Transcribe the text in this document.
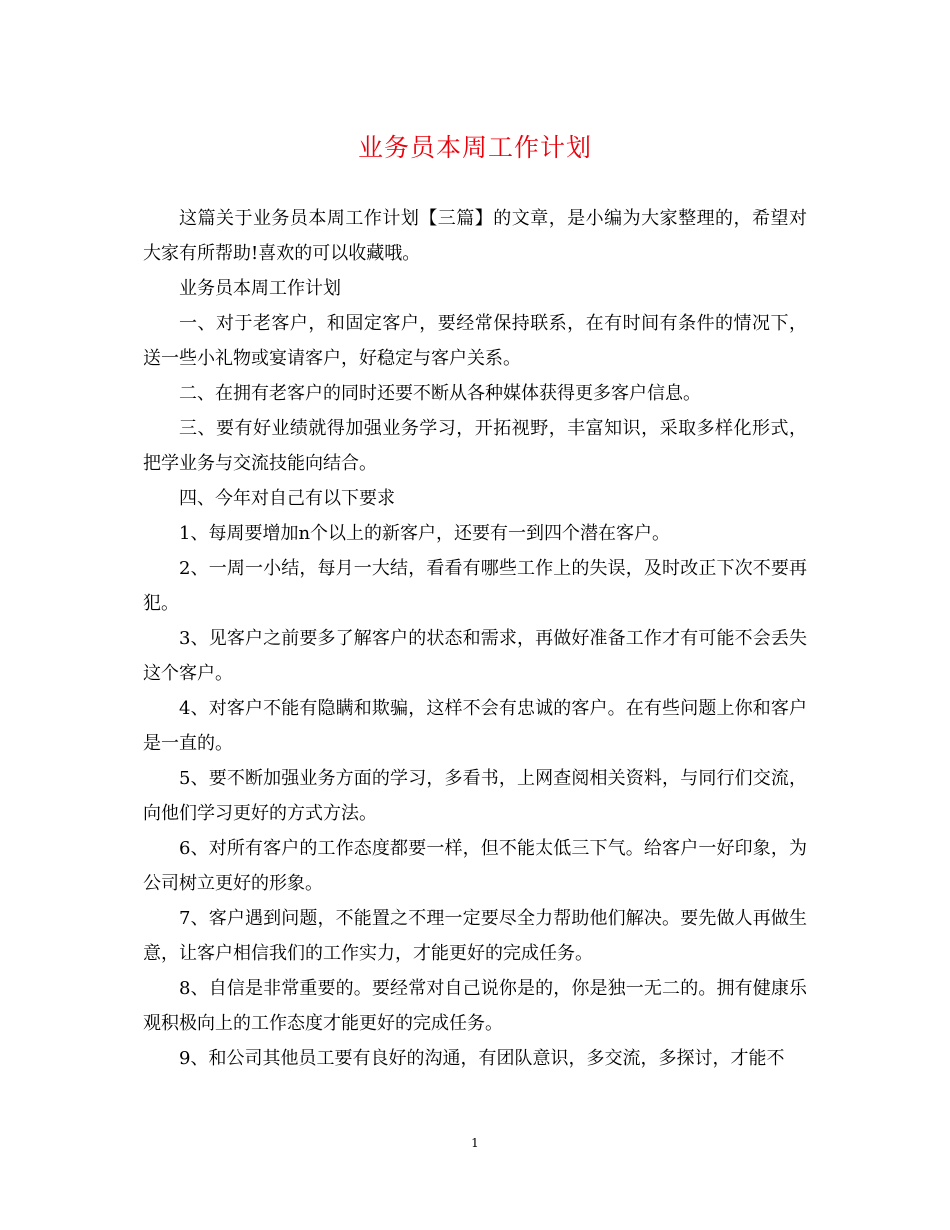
业务员本周工作计划

这篇关于业务员本周工作计划【三篇】的文章，是小编为大家整理的，希望对大家有所帮助!喜欢的可以收藏哦。

业务员本周工作计划

一、对于老客户，和固定客户，要经常保持联系，在有时间有条件的情况下，送一些小礼物或宴请客户，好稳定与客户关系。

二、在拥有老客户的同时还要不断从各种媒体获得更多客户信息。

三、要有好业绩就得加强业务学习，开拓视野，丰富知识，采取多样化形式，把学业务与交流技能向结合。

四、今年对自己有以下要求

1、每周要增加n个以上的新客户，还要有一到四个潜在客户。

2、一周一小结，每月一大结，看看有哪些工作上的失误，及时改正下次不要再犯。

3、见客户之前要多了解客户的状态和需求，再做好准备工作才有可能不会丢失这个客户。

4、对客户不能有隐瞒和欺骗，这样不会有忠诚的客户。在有些问题上你和客户是一直的。

5、要不断加强业务方面的学习，多看书，上网查阅相关资料，与同行们交流，向他们学习更好的方式方法。

6、对所有客户的工作态度都要一样，但不能太低三下气。给客户一好印象，为公司树立更好的形象。

7、客户遇到问题，不能置之不理一定要尽全力帮助他们解决。要先做人再做生意，让客户相信我们的工作实力，才能更好的完成任务。

8、自信是非常重要的。要经常对自己说你是的，你是独一无二的。拥有健康乐观积极向上的工作态度才能更好的完成任务。

9、和公司其他员工要有良好的沟通，有团队意识，多交流，多探讨，才能不

1
